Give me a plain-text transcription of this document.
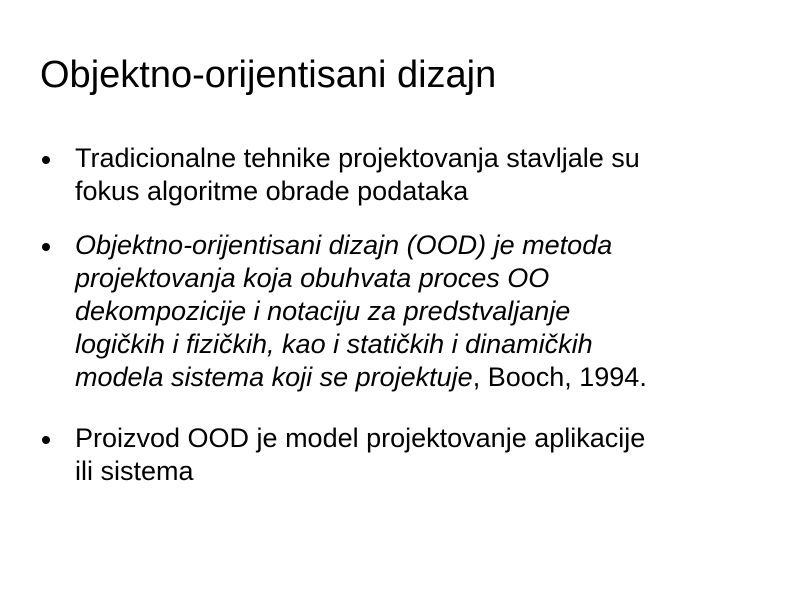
Objektno-orijentisani dizajn
Tradicionalne tehnike projektovanja stavljale su
fokus algoritme obrade podataka
Objektno-orijentisani dizajn (OOD) je metoda
projektovanja koja obuhvata proces OO
dekompozicije i notaciju za predstvaljanje
logičkih i fizičkih, kao i statičkih i dinamičkih
modela sistema koji se projektuje, Booch, 1994.
Proizvod OOD je model projektovanje aplikacije
ili sistema
